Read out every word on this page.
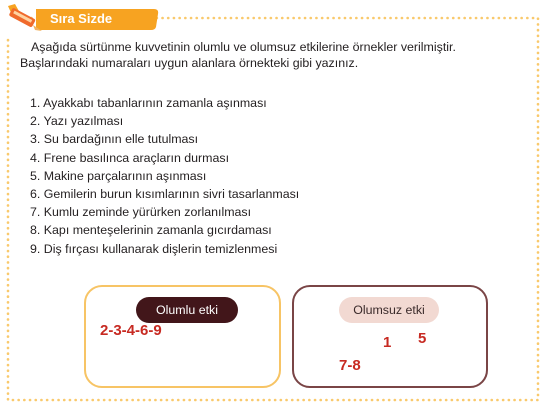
Sıra Sizde

Aşağıda sürtünme kuvvetinin olumlu ve olumsuz etkilerine örnekler verilmiştir. Başlarındaki numaraları uygun alanlara örnekteki gibi yazınız.

1. Ayakkabı tabanlarının zamanla aşınması
2. Yazı yazılması
3. Su bardağının elle tutulması
4. Frene basılınca araçların durması
5. Makine parçalarının aşınması
6. Gemilerin burun kısımlarının sivri tasarlanması
7. Kumlu zeminde yürürken zorlanılması
8. Kapı menteşelerinin zamanla gıcırdaması
9. Diş fırçası kullanarak dişlerin temizlenmesi
Olumlu etki
2-3-4-6-9
Olumsuz etki
1 5
7-8
